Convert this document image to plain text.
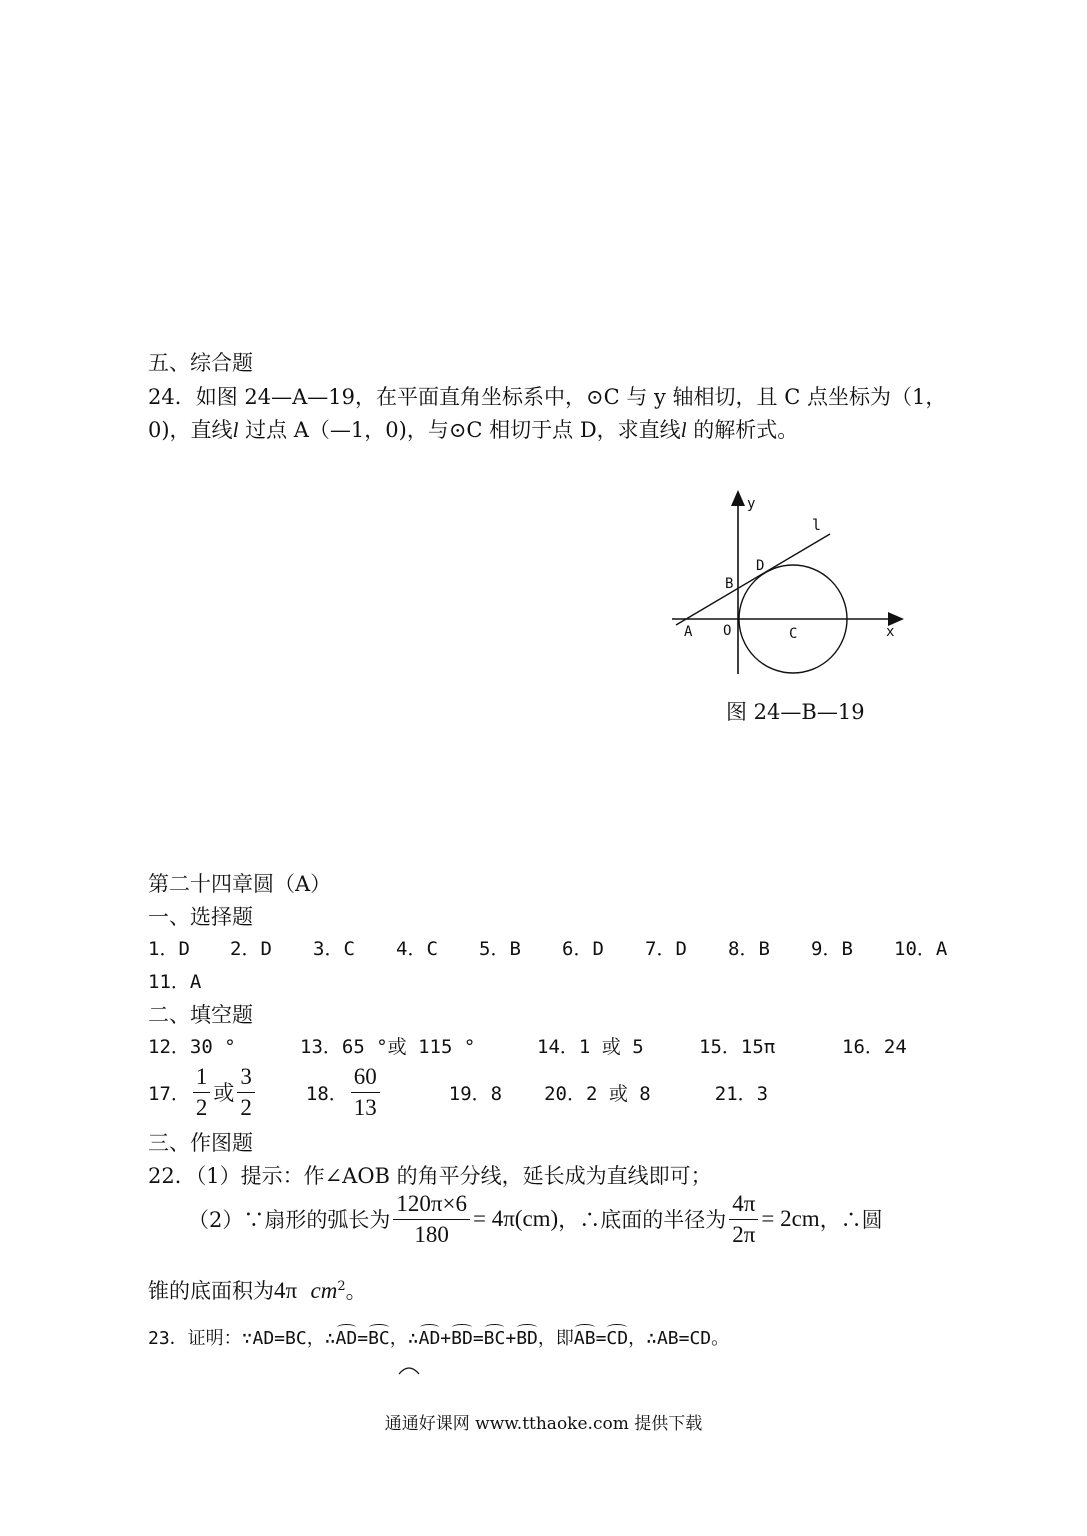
五、综合题
24．如图 24—A—19，在平面直角坐标系中，⊙C 与 y 轴相切，且 C 点坐标为（1，
0)，直线l 过点 A（—1，0)，与⊙C 相切于点 D，求直线l 的解析式。
y
l
D
B
A O	C	x
图 24—B—19
第二十四章圆（A）
一、选择题
1．D	2．D	3．C	4．C	5．B	6．D	7．D	8．B	9．B	10．A
11．A
二、填空题
12．30 °	13．65 °或 115 °	14．1 或 5	15．15π	16．24
17． $\frac{1}{2}$ 或 $\frac{3}{2}$	18． $\frac{60}{13}$	19．8 20．2 或 8	21．3
三、作图题
22．（1）提示：作∠AOB 的角平分线，延长成为直线即可；
（2）∵扇形的弧长为 $\frac{120\pi\times 6}{180} = 4\pi(cm)$ ，∴底面的半径为 $\frac{4\pi}{2\pi} = 2cm$ ，∴圆
锥的底面积为4π $cm^2$。
23．证明：∵AD=BC，∴AD=BC，∴AD+BD=BC+BD，即AB=CD，∴AB=CD。
通通好课网 www.tthaoke.com 提供下载
